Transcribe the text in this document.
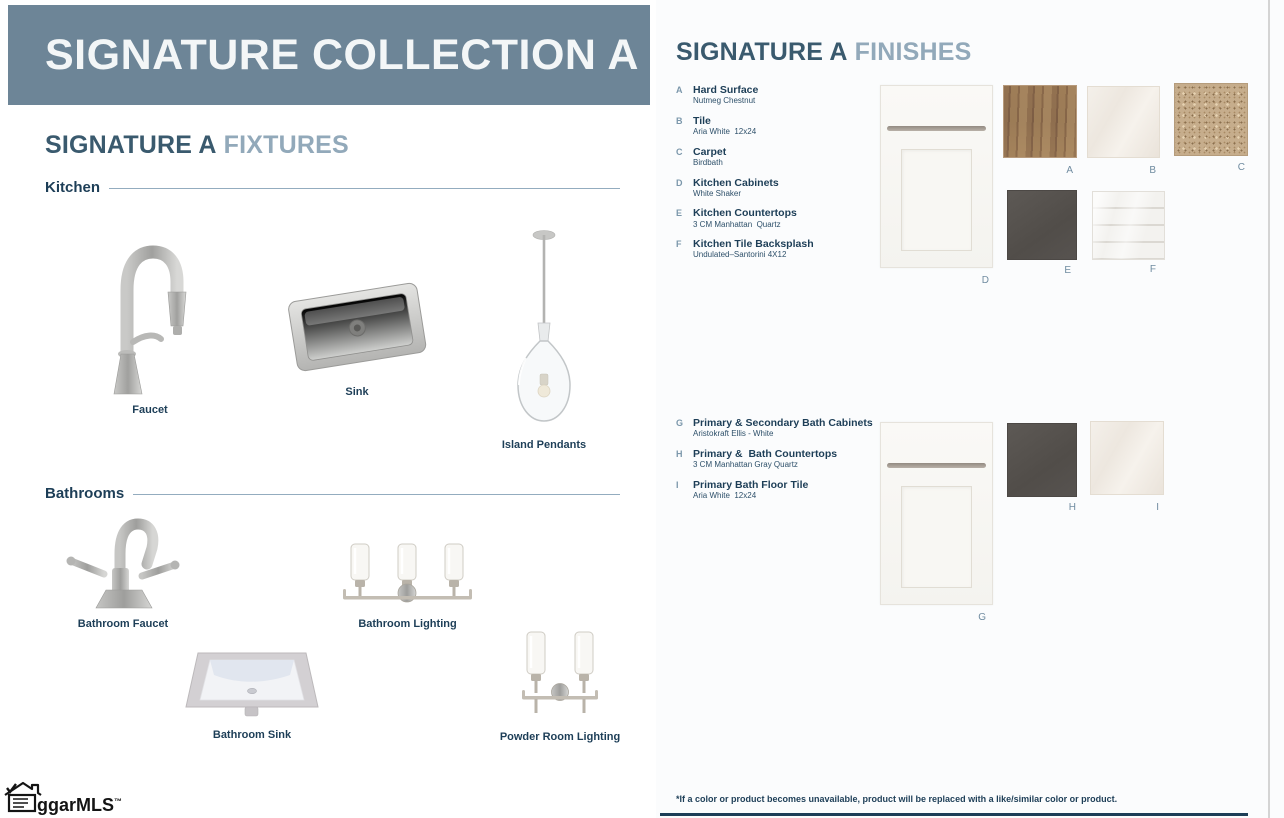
SIGNATURE COLLECTION A
SIGNATURE A FIXTURES
Kitchen
Faucet
Sink
Island Pendants
Bathrooms
Bathroom Faucet	Bathroom Lighting
Bathroom Sink	Powder Room Lighting
ggarMLS™
SIGNATURE A FINISHES
A	Hard Surface
Nutmeg Chestnut
B	Tile
Aria White  12x24
C	Carpet
Birdbath
D	Kitchen Cabinets
White Shaker
E	Kitchen Countertops
3 CM Manhattan  Quartz
F	Kitchen Tile Backsplash
Undulated–Santorini 4X12
G Primary & Secondary Bath Cabinets
Aristokraft Ellis - White
H	Primary &  Bath Countertops
3 CM Manhattan Gray Quartz
I	Primary Bath Floor Tile
Aria White  12x24
A	B	C
D
E	F
G
H	I
*If a color or product becomes unavailable, product will be replaced with a like/similar color or product.
